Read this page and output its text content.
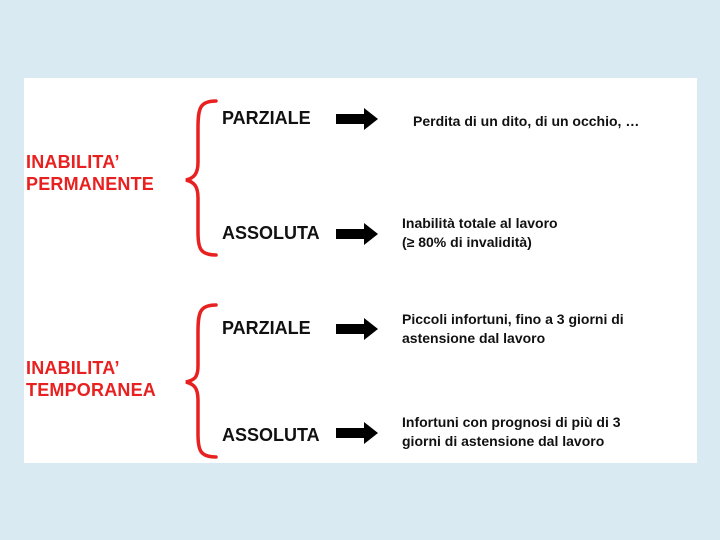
INABILITA’
PERMANENTE
PARZIALE	Perdita di un dito, di un occhio, …
ASSOLUTA	Inabilità totale al lavoro
(≥ 80% di invalidità)
INABILITA’
TEMPORANEA
PARZIALE	Piccoli infortuni, fino a 3 giorni di
astensione dal lavoro
ASSOLUTA
Infortuni con prognosi di più di 3
giorni di astensione dal lavoro
